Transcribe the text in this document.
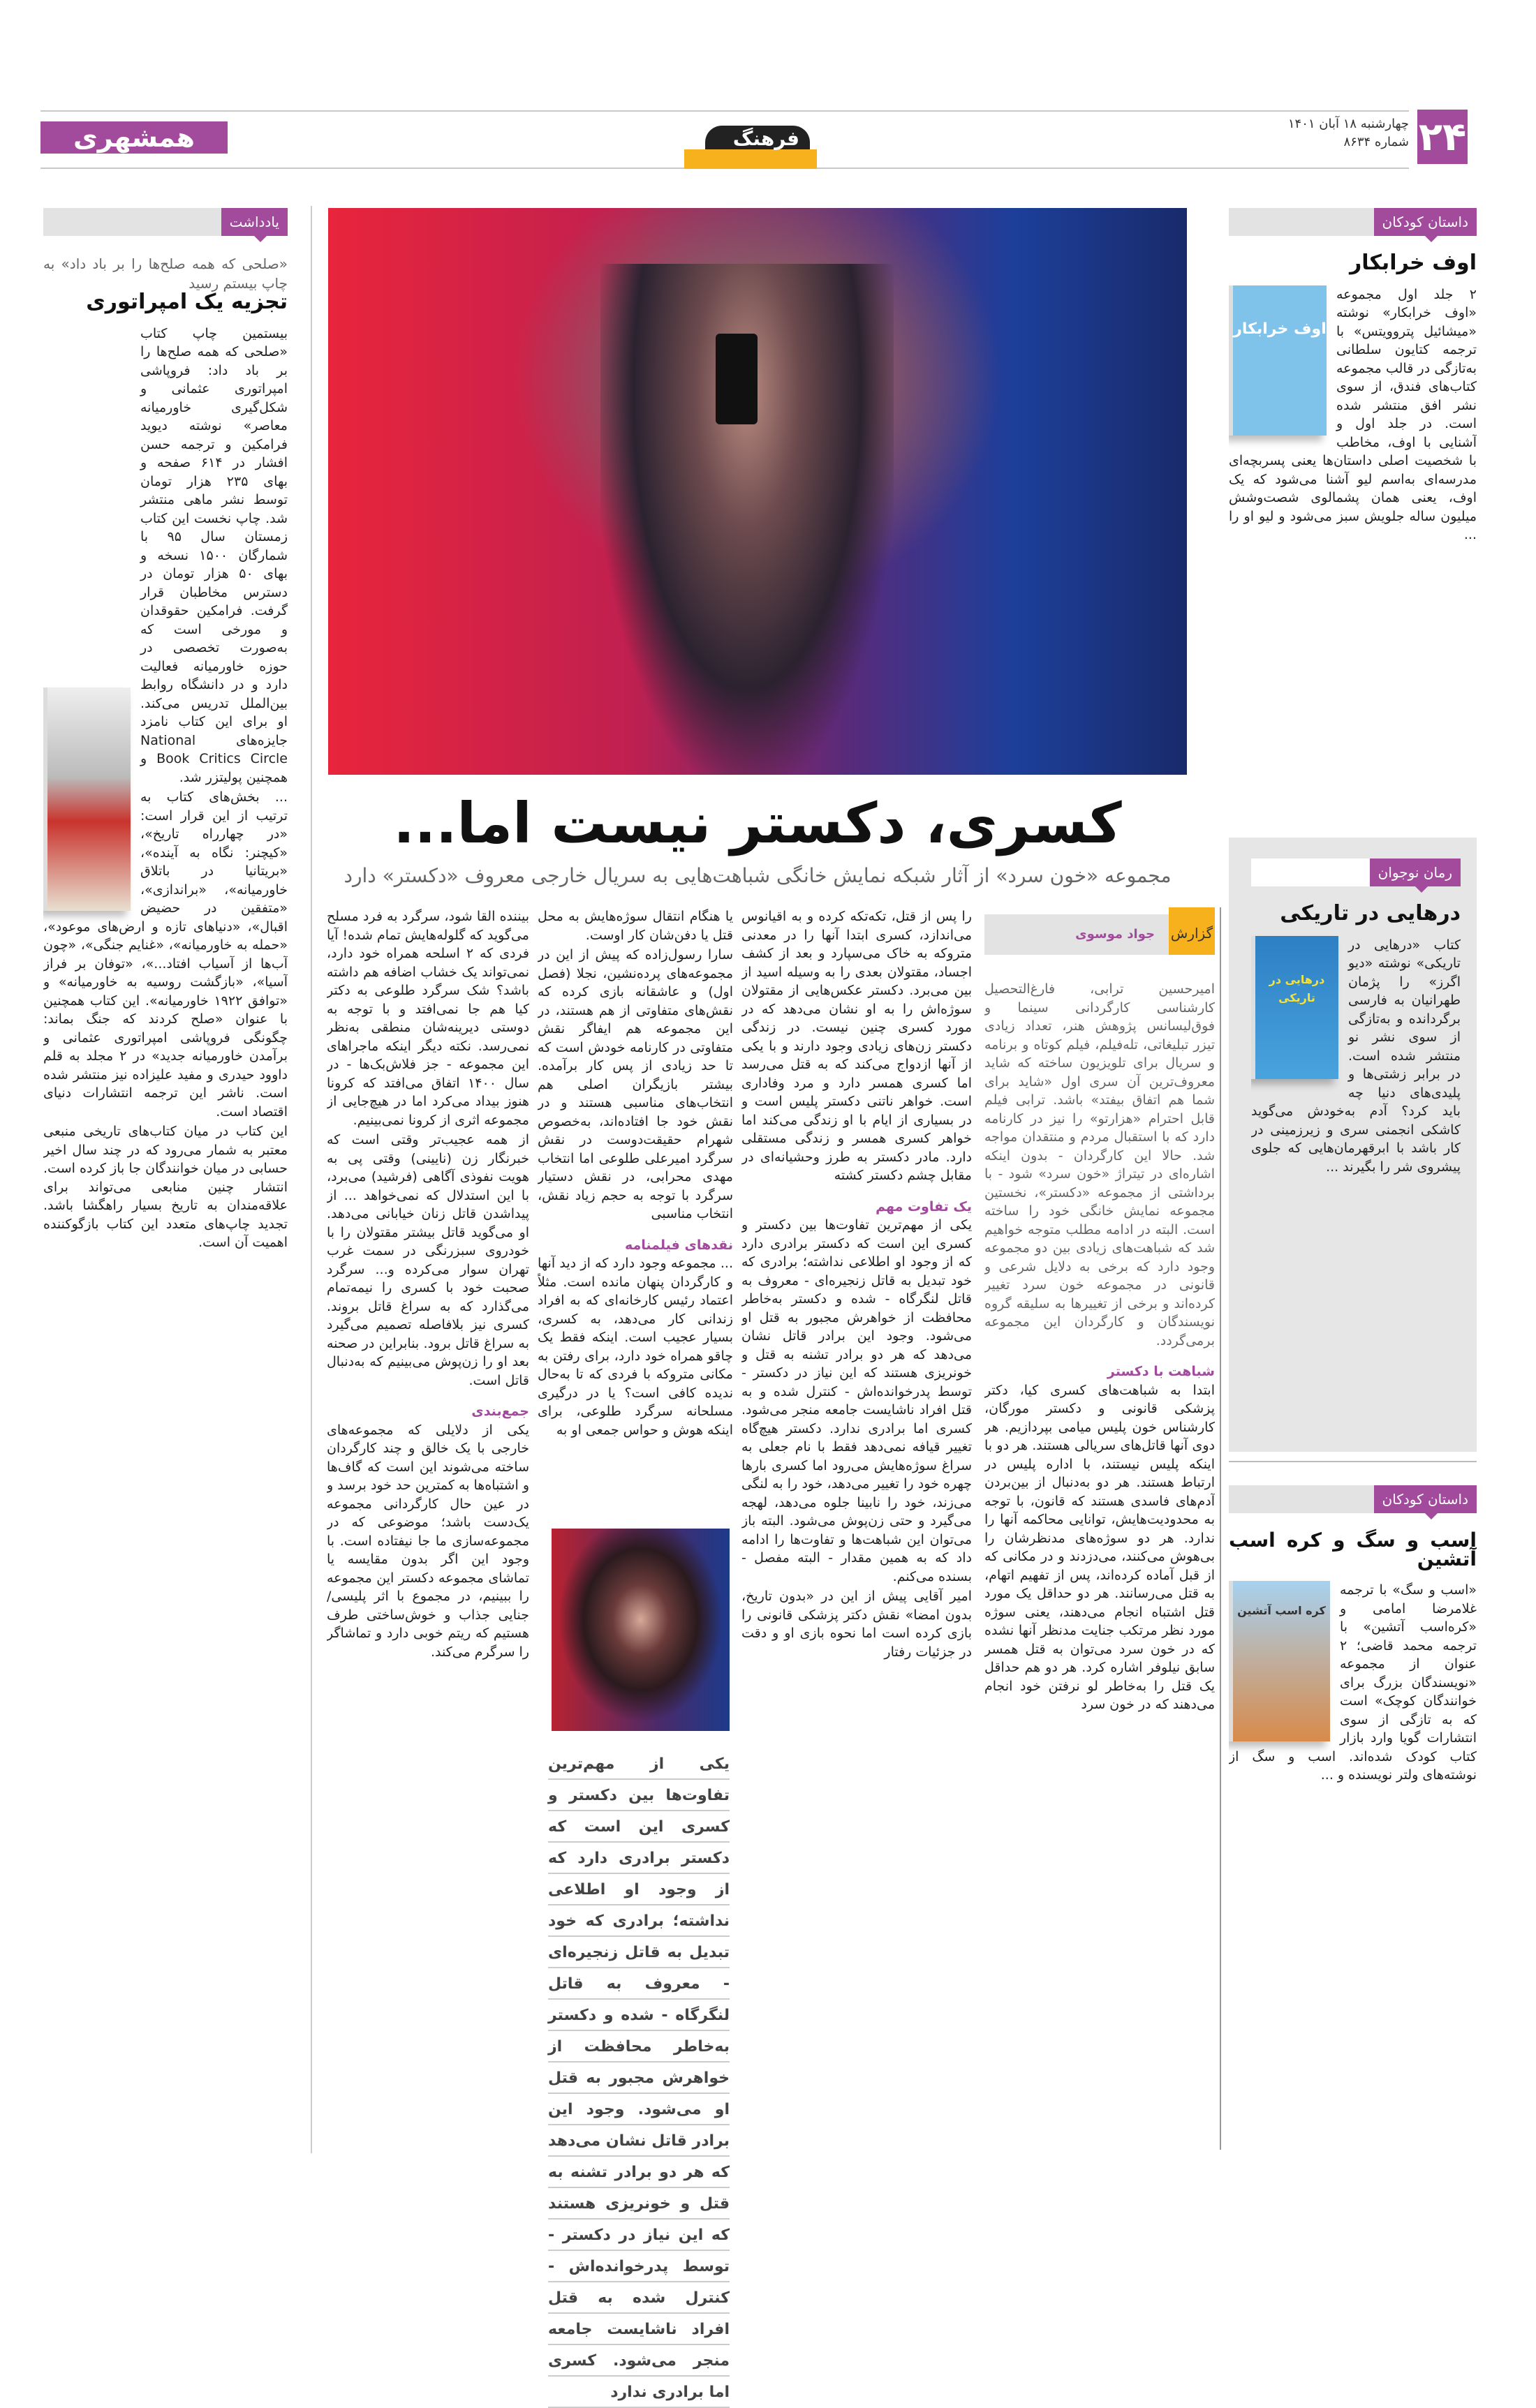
همشهری	فرهنگ
چهارشنبه ۱۸ آبان ۱۴۰۱
شماره ۸۶۳۴ ۲۴
کسری، دکستر نیست اما...
مجموعه «خون سرد» از آثار شبکه نمایش خانگی شباهت‌هایی به سریال خارجی معروف «دکستر» دارد
گزارش
جواد موسوی

امیرحسین ترابی، فارغ‌التحصیل کارشناسی کارگردانی سینما و فوق‌لیسانس پژوهش هنر، تعداد زیادی تیزر تبلیغاتی، تله‌فیلم، فیلم کوتاه و برنامه و سریال برای تلویزیون ساخته که شاید معروف‌ترین آن سری اول «شاید برای شما هم اتفاق بیفتد» باشد. ترابی فیلم قابل احترام «هزارتو» را نیز در کارنامه دارد که با استقبال مردم و منتقدان مواجه شد. حالا این کارگردان - بدون اینکه اشاره‌ای در تیتراژ «خون سرد» شود - با برداشتی از مجموعه «دکستر»، نخستین مجموعه نمایش خانگی خود را ساخته است. البته در ادامه مطلب متوجه خواهیم شد که شباهت‌های زیادی بین دو مجموعه وجود دارد که برخی به دلایل شرعی و قانونی در مجموعه خون سرد تغییر کرده‌اند و برخی از تغییرها به سلیقه گروه نویسندگان و کارگردان این مجموعه برمی‌گردد.

شباهت با دکستر

ابتدا به شباهت‌های کسری کیا، دکتر پزشکی قانونی و دکستر مورگان، کارشناس خون پلیس میامی بپردازیم. هر دوی آنها قاتل‌های سریالی هستند. هر دو با اینکه پلیس نیستند، با اداره پلیس در ارتباط هستند. هر دو به‌دنبال از بین‌بردن آدم‌های فاسدی هستند که قانون، با توجه به محدودیت‌هایش، توانایی محاکمه آنها را ندارد. هر دو سوژه‌های مدنظرشان را بی‌هوش می‌کنند، می‌دزدند و در مکانی که از قبل آماده کرده‌اند، پس از تفهیم اتهام، به قتل می‌رسانند. هر دو حداقل یک مورد قتل اشتباه انجام می‌دهند، یعنی سوژه مورد نظر مرتکب جنایت مدنظر آنها نشده که در خون سرد می‌توان به قتل همسر سابق نیلوفر اشاره کرد. هر دو هم حداقل یک قتل را به‌خاطر لو نرفتن خود انجام می‌دهند که در خون سرد

را پس از قتل، تکه‌تکه کرده و به اقیانوس می‌اندازد، کسری ابتدا آنها را در معدنی متروکه به خاک می‌سپارد و بعد از کشف اجساد، مقتولان بعدی را به وسیله اسید از بین می‌برد. دکستر عکس‌هایی از مقتولان سوژه‌اش را به او نشان می‌دهد که در مورد کسری چنین نیست. در زندگی دکستر زن‌های زیادی وجود دارند و با یکی از آنها ازدواج می‌کند که به قتل می‌رسد اما کسری همسر دارد و مرد وفاداری است. خواهر ناتنی دکستر پلیس است و در بسیاری از ایام با او زندگی می‌کند اما خواهر کسری همسر و زندگی مستقلی دارد. مادر دکستر به طرز وحشیانه‌ای در مقابل چشم دکستر کشته

یک تفاوت مهم

یکی از مهم‌ترین تفاوت‌ها بین دکستر و کسری این است که دکستر برادری دارد که از وجود او اطلاعی نداشته؛ برادری که خود تبدیل به قاتل زنجیره‌ای - معروف به قاتل لنگرگاه - شده و دکستر به‌خاطر محافظت از خواهرش مجبور به قتل او می‌شود. وجود این برادر قاتل نشان می‌دهد که هر دو برادر تشنه به قتل و خونریزی هستند که این نیاز در دکستر - توسط پدرخوانده‌اش - کنترل شده و به قتل افراد ناشایست جامعه منجر می‌شود. کسری اما برادری ندارد. دکستر هیچ‌گاه تغییر قیافه نمی‌دهد فقط با نام جعلی به سراغ سوژه‌هایش می‌رود اما کسری بارها چهره خود را تغییر می‌دهد، خود را به لنگی می‌زند، خود را نابینا جلوه می‌دهد، لهجه می‌گیرد و حتی زن‌پوش می‌شود. البته باز می‌توان این شباهت‌ها و تفاوت‌ها را ادامه داد که به همین مقدار - البته مفصل - بسنده می‌کنم.

امیر آقایی پیش از این در «بدون تاریخ، بدون امضا» نقش دکتر پزشکی قانونی را بازی کرده است اما نحوه بازی او و دقت در جزئیات رفتار

یا هنگام انتقال سوژه‌هایش به محل قتل یا دفن‌شان کار اوست.

سارا رسول‌زاده که پیش از این در مجموعه‌های پرده‌نشین، نجلا (فصل اول) و عاشقانه بازی کرده که نقش‌های متفاوتی از هم هستند، در این مجموعه هم ایفاگر نقش متفاوتی در کارنامه خودش است که تا حد زیادی از پس کار برآمده. بیشتر بازیگران اصلی هم انتخاب‌های مناسبی هستند و در نقش خود جا افتاده‌اند، به‌خصوص شهرام حقیقت‌دوست در نقش سرگرد امیرعلی طلوعی اما انتخاب مهدی محرابی، در نقش دستیار سرگرد با توجه به حجم زیاد نقش، انتخاب مناسبی

نقدهای فیلمنامه

... مجموعه وجود دارد که از دید آنها و کارگردان پنهان مانده است. مثلاً اعتماد رئیس کارخانه‌ای که به افراد زندانی کار می‌دهد، به کسری، بسیار عجیب است. اینکه فقط یک چاقو همراه خود دارد، برای رفتن به مکانی متروکه با فردی که تا به‌حال ندیده کافی است؟ یا در درگیری مسلحانه سرگرد طلوعی، برای اینکه هوش و حواس جمعی او به

یکی از مهم‌ترین تفاوت‌ها بین دکستر و کسری این است که دکستر برادری دارد که از وجود او اطلاعی نداشته؛ برادری که خود تبدیل به قاتل زنجیره‌ای - معروف به قاتل لنگرگاه - شده و دکستر به‌خاطر محافظت از خواهرش مجبور به قتل او می‌شود. وجود این برادر قاتل نشان می‌دهد که هر دو برادر تشنه به قتل و خونریزی هستند که این نیاز در دکستر - توسط پدرخوانده‌اش - کنترل شده به قتل افراد ناشایست جامعه منجر می‌شود. کسری اما برادری ندارد

بیننده القا شود، سرگرد به فرد مسلح می‌گوید که گلوله‌هایش تمام شده! آیا فردی که ۲ اسلحه همراه خود دارد، نمی‌تواند یک خشاب اضافه هم داشته باشد؟ شک سرگرد طلوعی به دکتر کیا هم جا نمی‌افتد و با توجه به دوستی دیرینه‌شان منطقی به‌نظر نمی‌رسد. نکته دیگر اینکه ماجراهای این مجموعه - جز فلاش‌بک‌ها - در سال ۱۴۰۰ اتفاق می‌افتد که کرونا هنوز بیداد می‌کرد اما در هیچ‌جایی از مجموعه اثری از کرونا نمی‌بینیم.

از همه عجیب‌تر وقتی است که خبرنگار زن (نایینی) وقتی پی به هویت نفوذی آگاهی (فرشید) می‌برد، با این استدلال که نمی‌خواهد ... از پیداشدن قاتل زنان خیابانی می‌دهد. او می‌گوید قاتل بیشتر مقتولان را با خودروی سبزرنگی در سمت غرب تهران سوار می‌کرده و... سرگرد صحبت خود با کسری را نیمه‌تمام می‌گذارد که به سراغ قاتل بروند. کسری نیز بلافاصله تصمیم می‌گیرد به سراغ قاتل برود. بنابراین در صحنه بعد او را زن‌پوش می‌بینیم که به‌دنبال قاتل است.

جمع‌بندی

یکی از دلایلی که مجموعه‌های خارجی با یک خالق و چند کارگردان ساخته می‌شوند این است که گاف‌ها و اشتباه‌ها به کمترین حد خود برسد و در عین حال کارگردانی مجموعه یک‌دست باشد؛ موضوعی که در مجموعه‌سازی ما جا نیفتاده است. با وجود این اگر بدون مقایسه یا تماشای مجموعه دکستر این مجموعه را ببینیم، در مجموع با اثر پلیسی/جنایی جذاب و خوش‌ساختی طرف هستیم که ریتم خوبی دارد و تماشاگر را سرگرم می‌کند.

یادداشت
«صلحی که همه صلح‌ها را بر باد داد» به چاپ بیستم رسید
تجزیه یک امپراتوری

بیستمین چاپ کتاب «صلحی که همه صلح‌ها را بر باد داد: فروپاشی امپراتوری عثمانی و شکل‌گیری خاورمیانه معاصر» نوشته دیوید فرامکین و ترجمه حسن افشار در ۶۱۴ صفحه و بهای ۲۳۵ هزار تومان توسط نشر ماهی منتشر شد. چاپ نخست این کتاب زمستان سال ۹۵ با شمارگان ۱۵۰۰ نسخه و بهای ۵۰ هزار تومان در دسترس مخاطبان قرار گرفت. فرامکین حقوقدان و مورخی است که به‌صورت تخصصی در حوزه خاورمیانه فعالیت دارد و در دانشگاه روابط بین‌الملل تدریس می‌کند. او برای این کتاب نامزد جایزه‌های National Book Critics Circle و همچنین پولیتزر شد.

... بخش‌های کتاب به ترتیب از این قرار است: «در چهارراه تاریخ»، «کیچنر: نگاه به آینده»، «بریتانیا در باتلاق خاورمیانه»، «براندازی»، «متفقین در حضیض اقبال»، «دنیاهای تازه و ارض‌های موعود»، «حمله به خاورمیانه»، «غنایم جنگی»، «چون آب‌ها از آسیاب افتاد...»، «توفان بر فراز آسیا»، «بازگشت روسیه به خاورمیانه» و «توافق ۱۹۲۲ خاورمیانه». این کتاب همچنین با عنوان «صلح کردند که جنگ بماند: چگونگی فروپاشی امپراتوری عثمانی و برآمدن خاورمیانه جدید» در ۲ مجلد به قلم داوود حیدری و مفید علیزاده نیز منتشر شده است. ناشر این ترجمه انتشارات دنیای اقتصاد است.

این کتاب در میان کتاب‌های تاریخی منبعی معتبر به شمار می‌رود که در چند سال اخیر حسابی در میان خوانندگان جا باز کرده است. انتشار چنین منابعی می‌تواند برای علاقه‌مندان به تاریخ بسیار راهگشا باشد. تجدید چاپ‌های متعدد این کتاب بازگوکننده اهمیت آن است.

داستان کودکان
اوف خرابکار
اوف خرابکار

۲ جلد اول مجموعه «اوف خرابکار» نوشته «میشائیل پتروویتس» با ترجمه کتایون سلطانی به‌تازگی در قالب مجموعه کتاب‌های فندق، از سوی نشر افق منتشر شده است. در جلد اول و آشنایی با اوف، مخاطب با شخصیت اصلی داستان‌ها یعنی پسربچه‌ای مدرسه‌ای به‌اسم لیو آشنا می‌شود که یک اوف، یعنی همان پشمالوی شصت‌وشش میلیون ساله جلویش سبز می‌شود و لیو او را ...

رمان نوجوان
درهایی در تاریکی
درهایی در تاریکی

کتاب «درهایی در تاریکی» نوشته «دیو اگرز» را پژمان طهرانیان به فارسی برگردانده و به‌تازگی از سوی نشر نو منتشر شده است. در برابر زشتی‌ها و پلیدی‌های دنیا چه باید کرد؟ آدم به‌خودش می‌گوید کاشکی انجمنی سری و زیرزمینی در کار باشد با ابرقهرمان‌هایی که جلوی پیشروی شر را بگیرند ...

داستان کودکان
اسب و سگ و کره اسب آتشین
کره اسب آتشین

«اسب و سگ» با ترجمه غلامرضا امامی و «کره‌اسب آتشین» با ترجمه محمد قاضی؛ ۲ عنوان از مجموعه «نویسندگان بزرگ برای خوانندگان کوچک» است که به تازگی از سوی انتشارات گویا وارد بازار کتاب کودک شده‌اند. اسب و سگ از نوشته‌های ولتر نویسنده و ...
